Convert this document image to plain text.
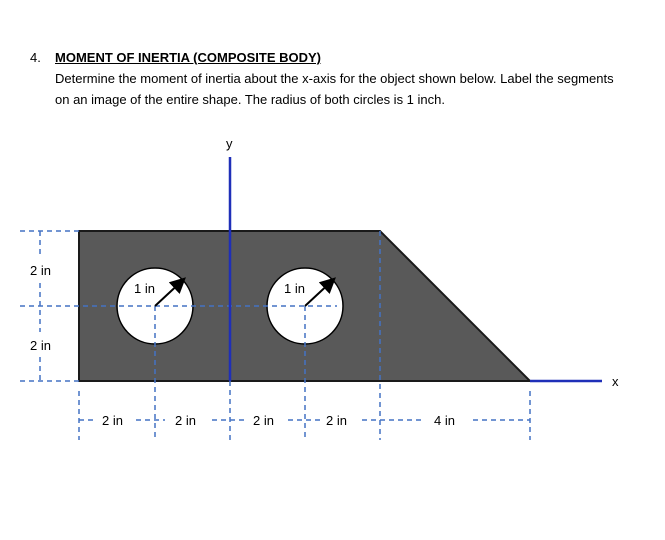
4. MOMENT OF INERTIA (COMPOSITE BODY)
Determine the moment of inertia about the x-axis for the object shown below. Label the segments on an image of the entire shape. The radius of both circles is 1 inch.
y
x
1 in	1 in
2 in
2 in
2 in	2 in	2 in	2 in	4 in
